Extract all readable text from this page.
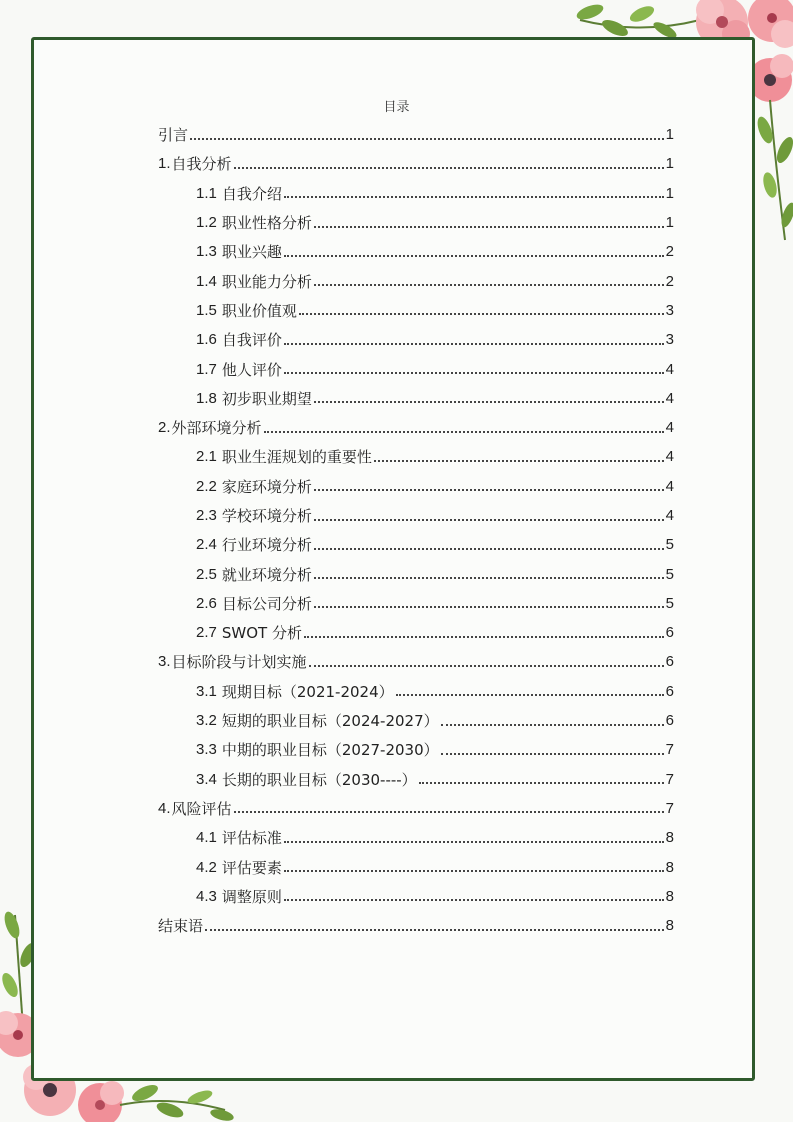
目录
引言	1
1. 自我分析	1
1.1 自我介绍	1
1.2 职业性格分析	1
1.3 职业兴趣	2
1.4 职业能力分析	2
1.5 职业价值观	3
1.6 自我评价	3
1.7 他人评价	4
1.8 初步职业期望	4
2. 外部环境分析	4
2.1 职业生涯规划的重要性	4
2.2 家庭环境分析	4
2.3 学校环境分析	4
2.4 行业环境分析	5
2.5 就业环境分析	5
2.6 目标公司分析	5
2.7 SWOT 分析	6
3. 目标阶段与计划实施	6
3.1 现期目标（2021-2024）	6
3.2 短期的职业目标（2024-2027）	6
3.3 中期的职业目标（2027-2030）	7
3.4 长期的职业目标（2030----）	7
4. 风险评估	7
4.1 评估标准	8
4.2 评估要素	8
4.3 调整原则	8
结束语	8
